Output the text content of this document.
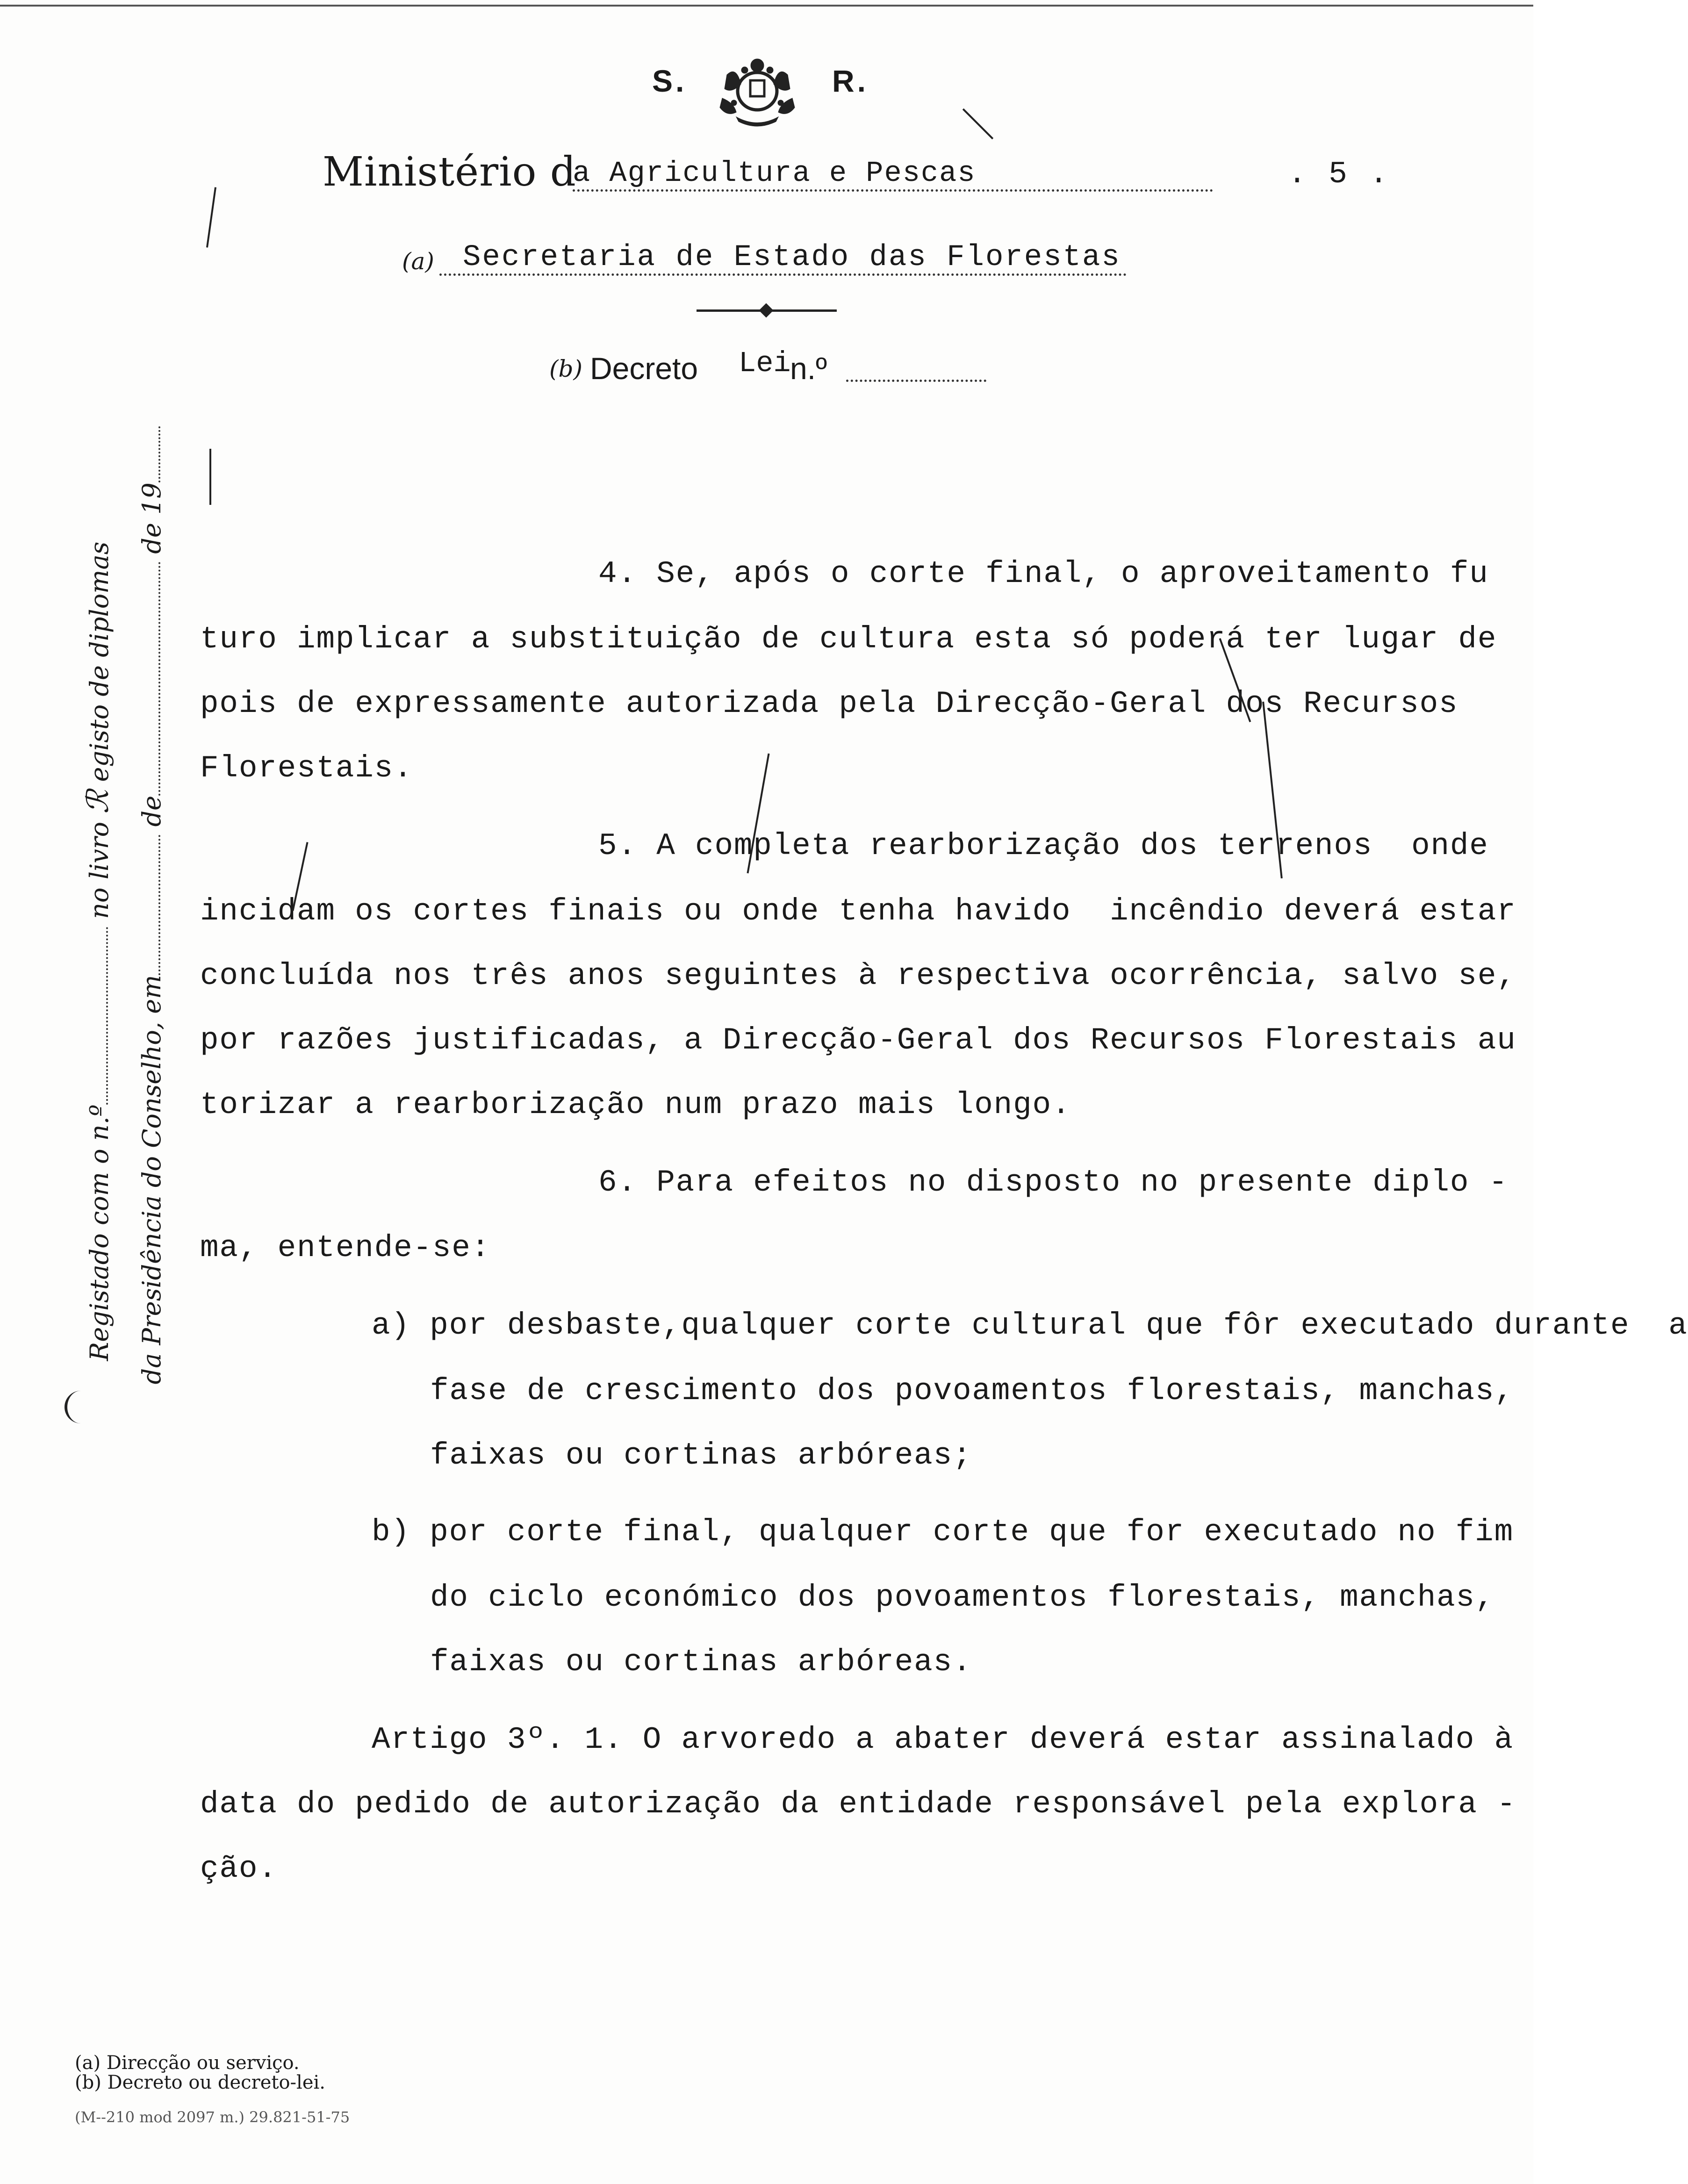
S.	R.
Ministério d
a Agricultura e Pescas	. 5 .
(a) Secretaria de Estado das Florestas
(b) Decreto Lei
n.º

Registado com o n.º no livro ℛ egisto de diplomas

da Presidência do Conselho, em de de 19

4. Se, após o corte final, o aproveitamento fu
turo implicar a substituição de cultura esta só poderá ter lugar de
pois de expressamente autorizada pela Direcção-Geral dos Recursos
Florestais.
5. A completa rearborização dos terrenos  onde
incidam os cortes finais ou onde tenha havido  incêndio deverá estar
concluída nos três anos seguintes à respectiva ocorrência, salvo se,
por razões justificadas, a Direcção-Geral dos Recursos Florestais au
torizar a rearborização num prazo mais longo.
6. Para efeitos no disposto no presente diplo -
ma, entende-se:
a) por desbaste,qualquer corte cultural que fôr executado durante  a
fase de crescimento dos povoamentos florestais, manchas,
faixas ou cortinas arbóreas;
b) por corte final, qualquer corte que for executado no fim
do ciclo económico dos povoamentos florestais, manchas,
faixas ou cortinas arbóreas.
Artigo 3º. 1. O arvoredo a abater deverá estar assinalado à
data do pedido de autorização da entidade responsável pela explora -
ção.
(a) Direcção ou serviço.
(b) Decreto ou decreto-lei.
(M--210 mod 2097 m.) 29.821-51-75
